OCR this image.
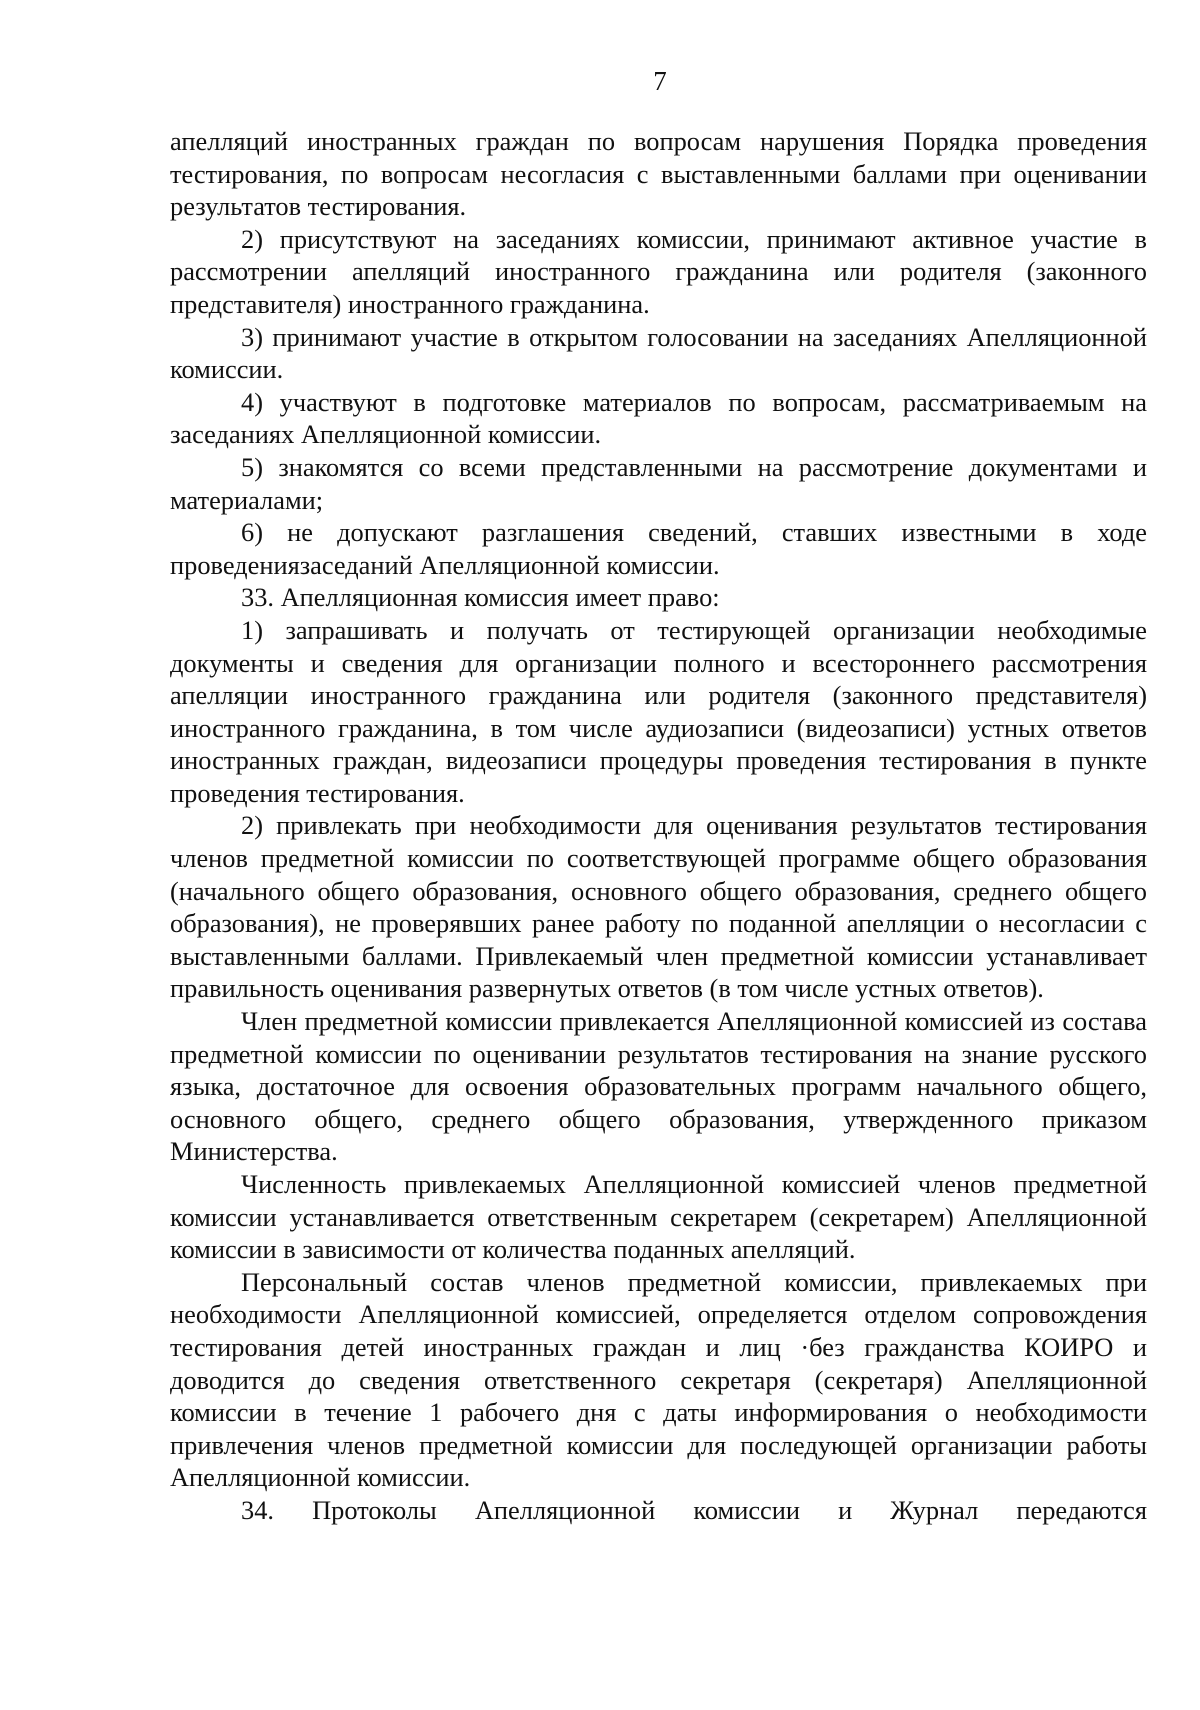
7

апелляций иностранных граждан по вопросам нарушения Порядка проведения тестирования, по вопросам несогласия с выставленными баллами при оценивании результатов тестирования.

2) присутствуют на заседаниях комиссии, принимают активное участие в рассмотрении апелляций иностранного гражданина или родителя (законного представителя) иностранного гражданина.

3) принимают участие в открытом голосовании на заседаниях Апелляционной комиссии.

4) участвуют в подготовке материалов по вопросам, рассматриваемым на заседаниях Апелляционной комиссии.

5) знакомятся со всеми представленными на рассмотрение документами и материалами;

6) не допускают разглашения сведений, ставших известными в ходе проведениязаседаний Апелляционной комиссии.

33. Апелляционная комиссия имеет право:

1) запрашивать и получать от тестирующей организации необходимые документы и сведения для организации полного и всестороннего рассмотрения апелляции иностранного гражданина или родителя (законного представителя) иностранного гражданина, в том числе аудиозаписи (видеозаписи) устных ответов иностранных граждан, видеозаписи процедуры проведения тестирования в пункте проведения тестирования.

2) привлекать при необходимости для оценивания результатов тестирования членов предметной комиссии по соответствующей программе общего образования (начального общего образования, основного общего образования, среднего общего образования), не проверявших ранее работу по поданной апелляции о несогласии с выставленными баллами. Привлекаемый член предметной комиссии устанавливает правильность оценивания развернутых ответов (в том числе устных ответов).

Член предметной комиссии привлекается Апелляционной комиссией из состава предметной комиссии по оценивании результатов тестирования на знание русского языка, достаточное для освоения образовательных программ начального общего, основного общего, среднего общего образования, утвержденного приказом Министерства.

Численность привлекаемых Апелляционной комиссией членов предметной комиссии устанавливается ответственным секретарем (секретарем) Апелляционной комиссии в зависимости от количества поданных апелляций.

Персональный состав членов предметной комиссии, привлекаемых при необходимости Апелляционной комиссией, определяется отделом сопровождения тестирования детей иностранных граждан и лиц ·без гражданства КОИРО и доводится до сведения ответственного секретаря (секретаря) Апелляционной комиссии в течение 1 рабочего дня с даты информирования о необходимости привлечения членов предметной комиссии для последующей организации работы Апелляционной комиссии.

34. Протоколы Апелляционной комиссии и Журнал передаются
